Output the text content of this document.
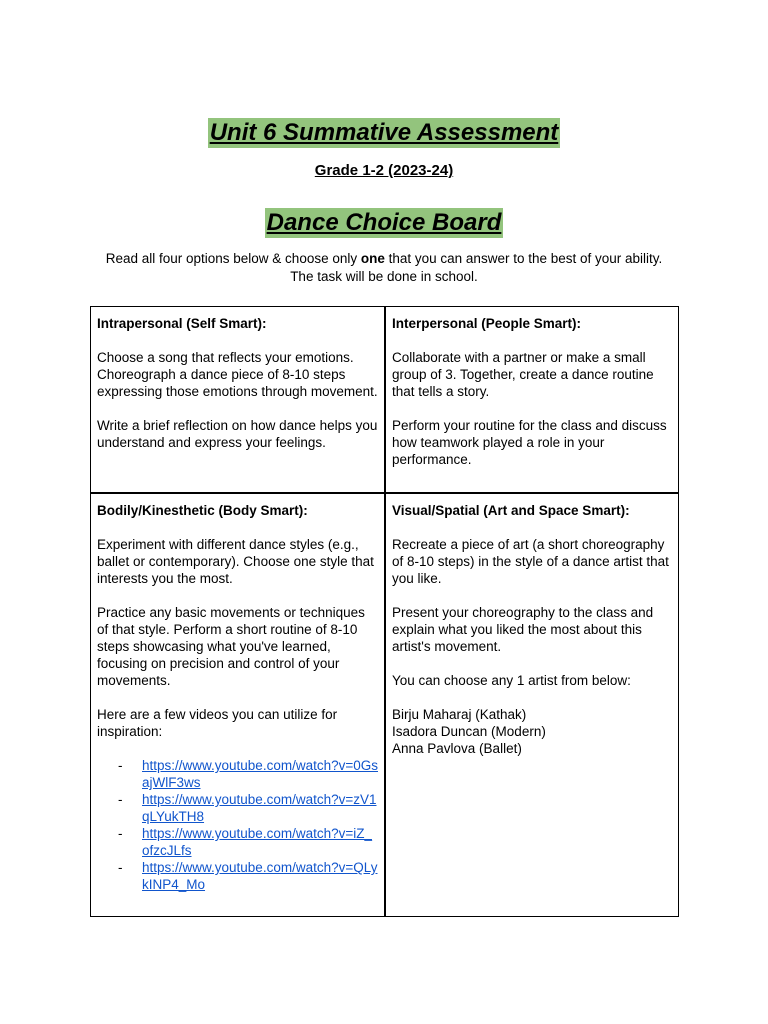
Unit 6 Summative Assessment
Grade 1-2 (2023-24)
Dance Choice Board
Read all four options below & choose only one that you can answer to the best of your ability.
The task will be done in school.
Intrapersonal (Self Smart):

Choose a song that reflects your emotions. Choreograph a dance piece of 8-10 steps expressing those emotions through movement.

Write a brief reflection on how dance helps you understand and express your feelings.

Interpersonal (People Smart):

Collaborate with a partner or make a small group of 3. Together, create a dance routine that tells a story.

Perform your routine for the class and discuss how teamwork played a role in your performance.

Bodily/Kinesthetic (Body Smart):

Experiment with different dance styles (e.g., ballet or contemporary). Choose one style that interests you the most.

Practice any basic movements or techniques of that style. Perform a short routine of 8-10 steps showcasing what you've learned, focusing on precision and control of your movements.

Here are a few videos you can utilize for inspiration:

- https://www.youtube.com/watch?v=0GsajWlF3ws
- https://www.youtube.com/watch?v=zV1qLYukTH8
- https://www.youtube.com/watch?v=iZ_ofzcJLfs
- https://www.youtube.com/watch?v=QLykINP4_Mo
Visual/Spatial (Art and Space Smart):

Recreate a piece of art (a short choreography of 8-10 steps) in the style of a dance artist that you like.

Present your choreography to the class and explain what you liked the most about this artist's movement.

You can choose any 1 artist from below:

Birju Maharaj (Kathak)
Isadora Duncan (Modern)
Anna Pavlova (Ballet)
